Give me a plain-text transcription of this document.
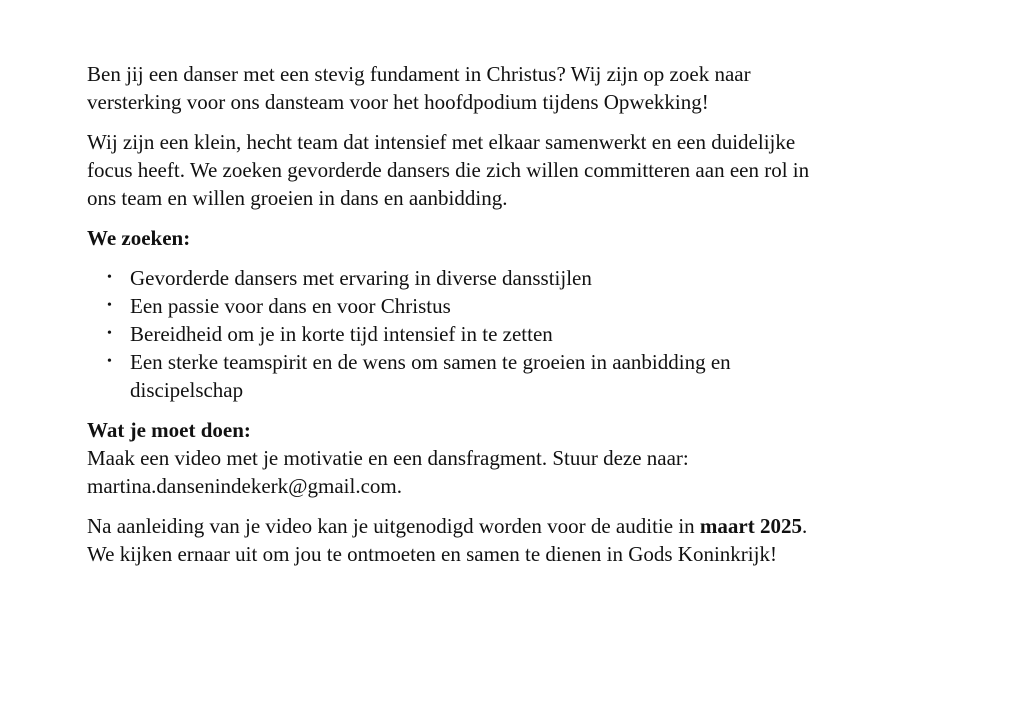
Ben jij een danser met een stevig fundament in Christus? Wij zijn op zoek naar
versterking voor ons dansteam voor het hoofdpodium tijdens Opwekking!

Wij zijn een klein, hecht team dat intensief met elkaar samenwerkt en een duidelijke
focus heeft. We zoeken gevorderde dansers die zich willen committeren aan een rol in
ons team en willen groeien in dans en aanbidding.

We zoeken:
• Gevorderde dansers met ervaring in diverse dansstijlen
• Een passie voor dans en voor Christus
• Bereidheid om je in korte tijd intensief in te zetten
• Een sterke teamspirit en de wens om samen te groeien in aanbidding en
discipelschap
Wat je moet doen:
Maak een video met je motivatie en een dansfragment. Stuur deze naar:
martina.dansenindekerk@gmail.com.

Na aanleiding van je video kan je uitgenodigd worden voor de auditie in maart 2025.
We kijken ernaar uit om jou te ontmoeten en samen te dienen in Gods Koninkrijk!
